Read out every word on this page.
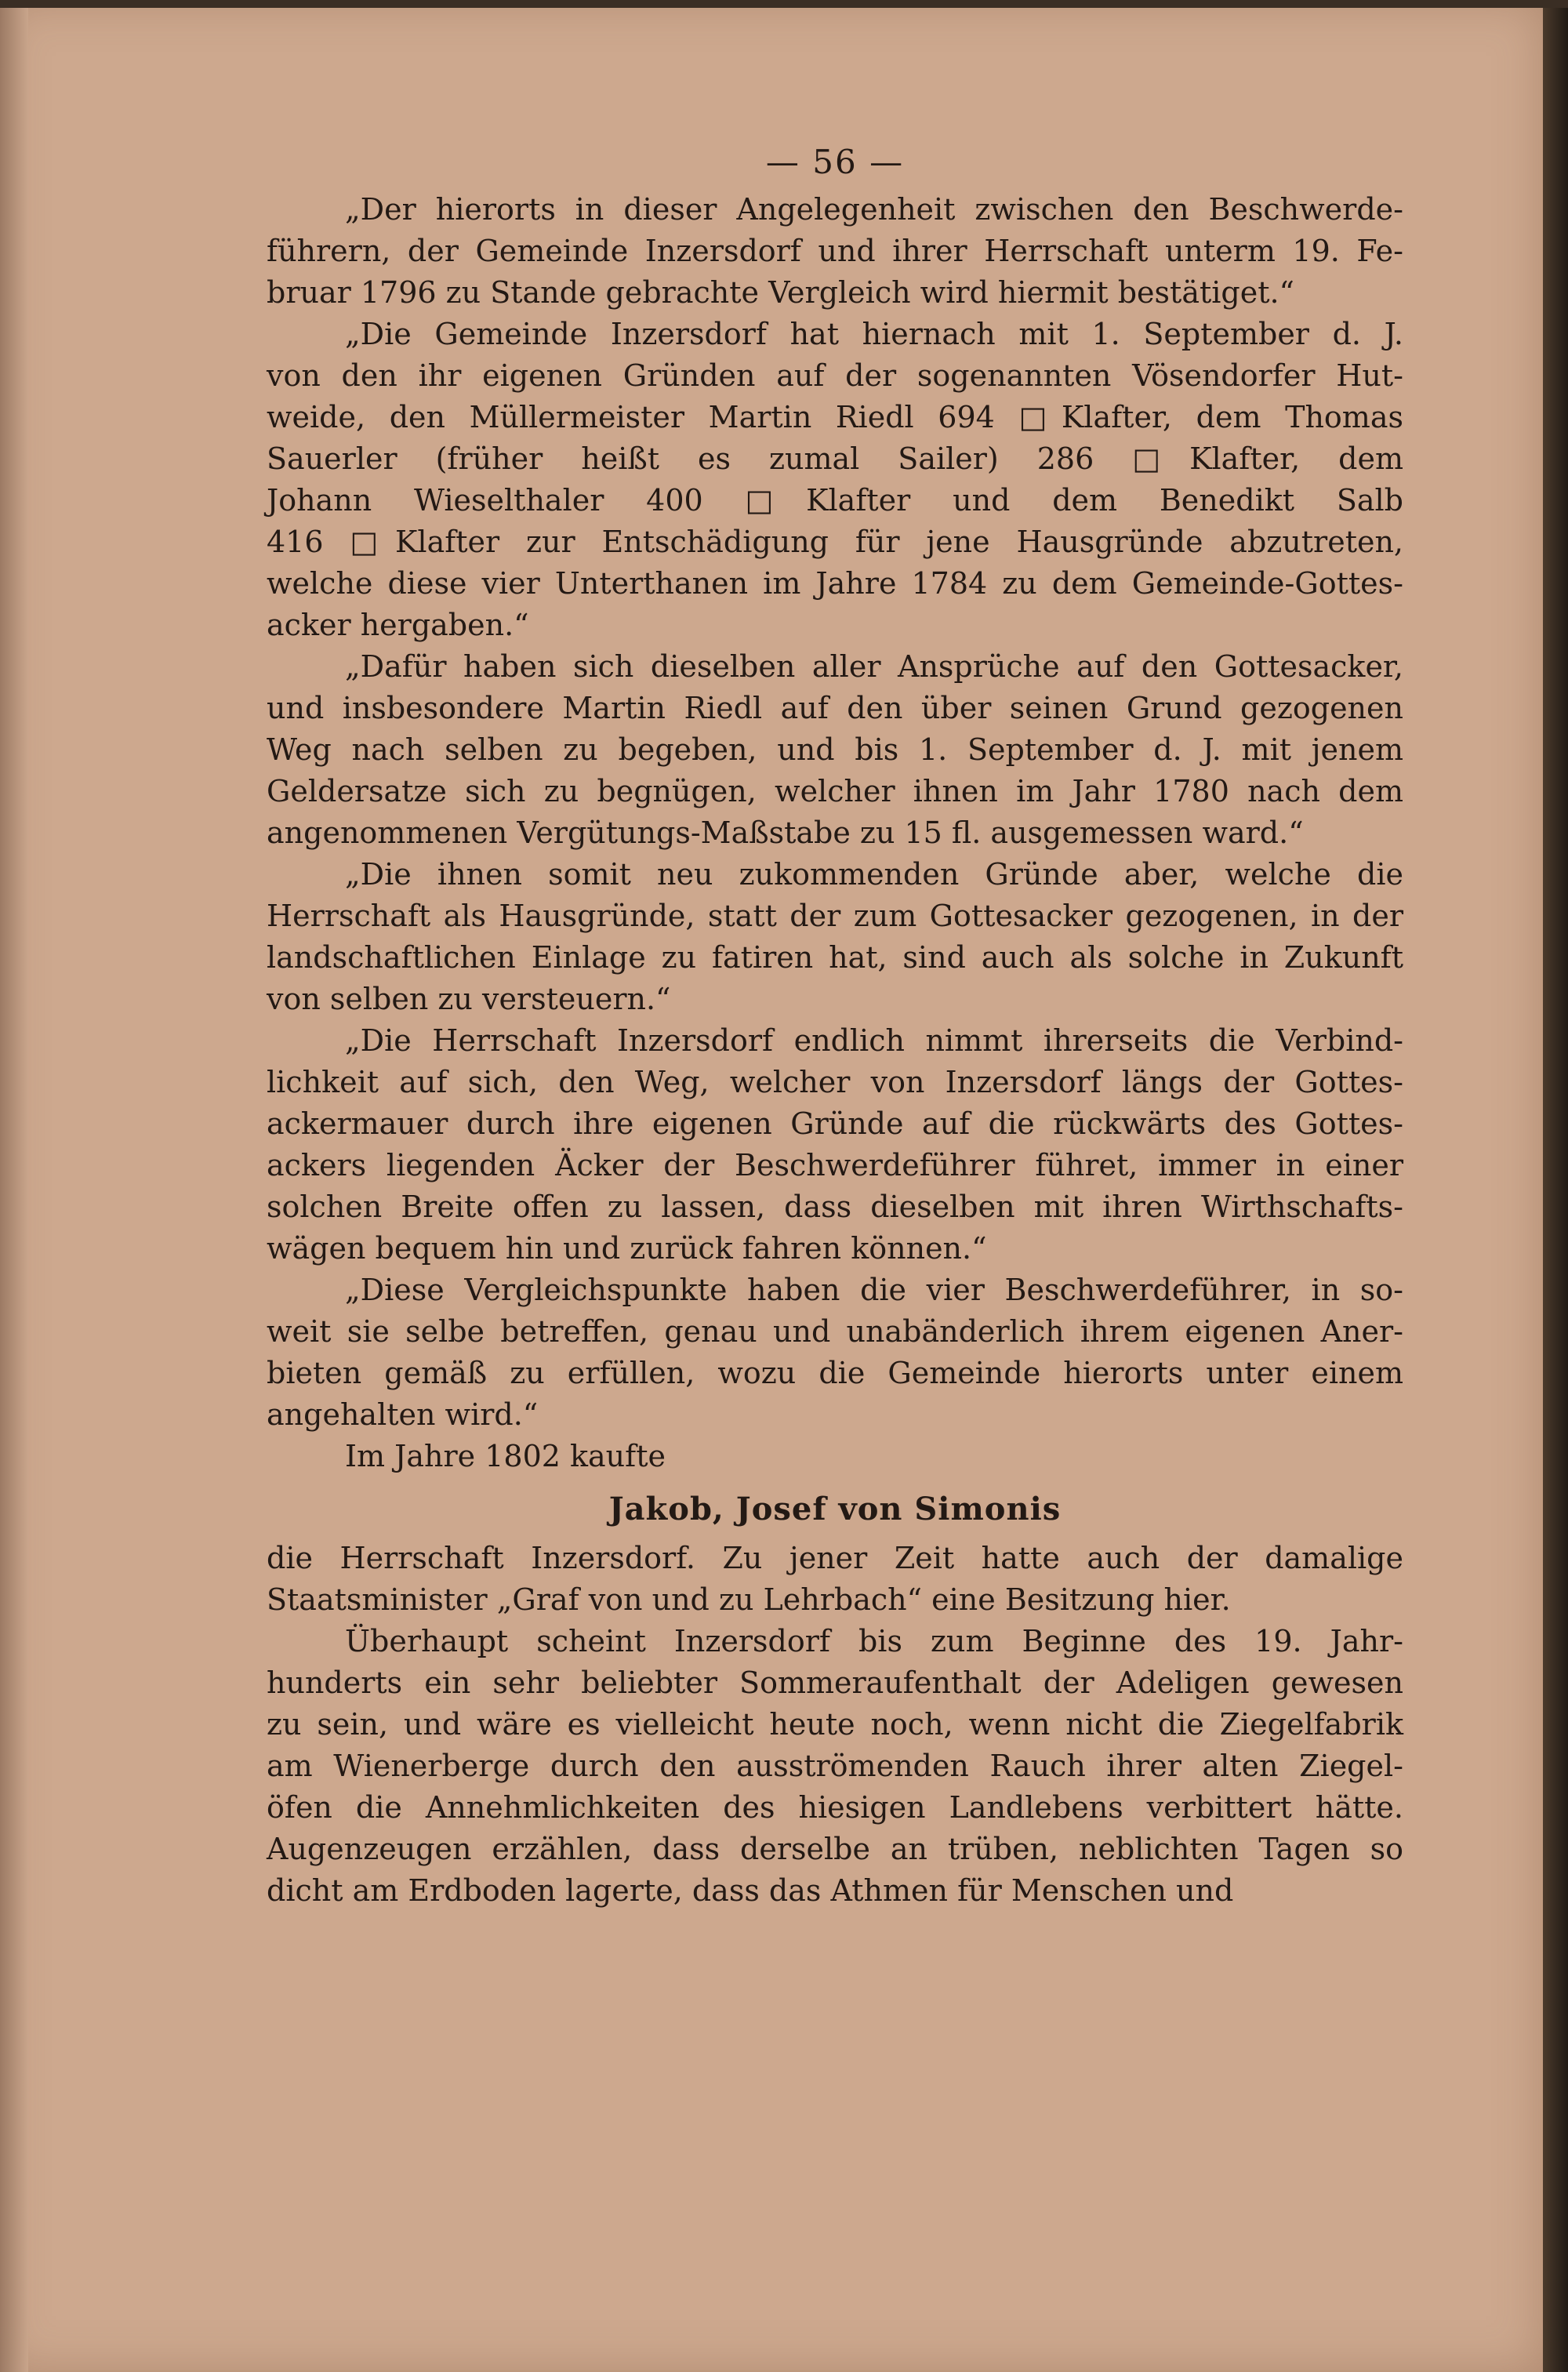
— 56 —
„Der hierorts in dieser Angelegenheit zwischen den Beschwerde-
führern, der Gemeinde Inzersdorf und ihrer Herrschaft unterm 19. Fe-
bruar 1796 zu Stande gebrachte Vergleich wird hiermit bestätiget.“
„Die Gemeinde Inzersdorf hat hiernach mit 1. September d. J.
von den ihr eigenen Gründen auf der sogenannten Vösendorfer Hut-
weide, den Müllermeister Martin Riedl 694 □Klafter, dem Thomas
Sauerler (früher heißt es zumal Sailer) 286 □Klafter, dem
Johann Wieselthaler 400 □Klafter und dem Benedikt Salb
416 □Klafter zur Entschädigung für jene Hausgründe abzutreten,
welche diese vier Unterthanen im Jahre 1784 zu dem Gemeinde-Gottes-
acker hergaben.“
„Dafür haben sich dieselben aller Ansprüche auf den Gottesacker,
und insbesondere Martin Riedl auf den über seinen Grund gezogenen
Weg nach selben zu begeben, und bis 1. September d. J. mit jenem
Geldersatze sich zu begnügen, welcher ihnen im Jahr 1780 nach dem
angenommenen Vergütungs-Maßstabe zu 15 fl. ausgemessen ward.“
„Die ihnen somit neu zukommenden Gründe aber, welche die
Herrschaft als Hausgründe, statt der zum Gottesacker gezogenen, in der
landschaftlichen Einlage zu fatiren hat, sind auch als solche in Zukunft
von selben zu versteuern.“
„Die Herrschaft Inzersdorf endlich nimmt ihrerseits die Verbind-
lichkeit auf sich, den Weg, welcher von Inzersdorf längs der Gottes-
ackermauer durch ihre eigenen Gründe auf die rückwärts des Gottes-
ackers liegenden Äcker der Beschwerdeführer führet, immer in einer
solchen Breite offen zu lassen, dass dieselben mit ihren Wirthschafts-
wägen bequem hin und zurück fahren können.“
„Diese Vergleichspunkte haben die vier Beschwerdeführer, in so-
weit sie selbe betreffen, genau und unabänderlich ihrem eigenen Aner-
bieten gemäß zu erfüllen, wozu die Gemeinde hierorts unter einem
angehalten wird.“
Im Jahre 1802 kaufte
Jakob, Josef von Simonis
die Herrschaft Inzersdorf. Zu jener Zeit hatte auch der damalige
Staatsminister „Graf von und zu Lehrbach“ eine Besitzung hier.
Überhaupt scheint Inzersdorf bis zum Beginne des 19. Jahr-
hunderts ein sehr beliebter Sommeraufenthalt der Adeligen gewesen
zu sein, und wäre es vielleicht heute noch, wenn nicht die Ziegelfabrik
am Wienerberge durch den ausströmenden Rauch ihrer alten Ziegel-
öfen die Annehmlichkeiten des hiesigen Landlebens verbittert hätte.
Augenzeugen erzählen, dass derselbe an trüben, neblichten Tagen so
dicht am Erdboden lagerte, dass das Athmen für Menschen und
